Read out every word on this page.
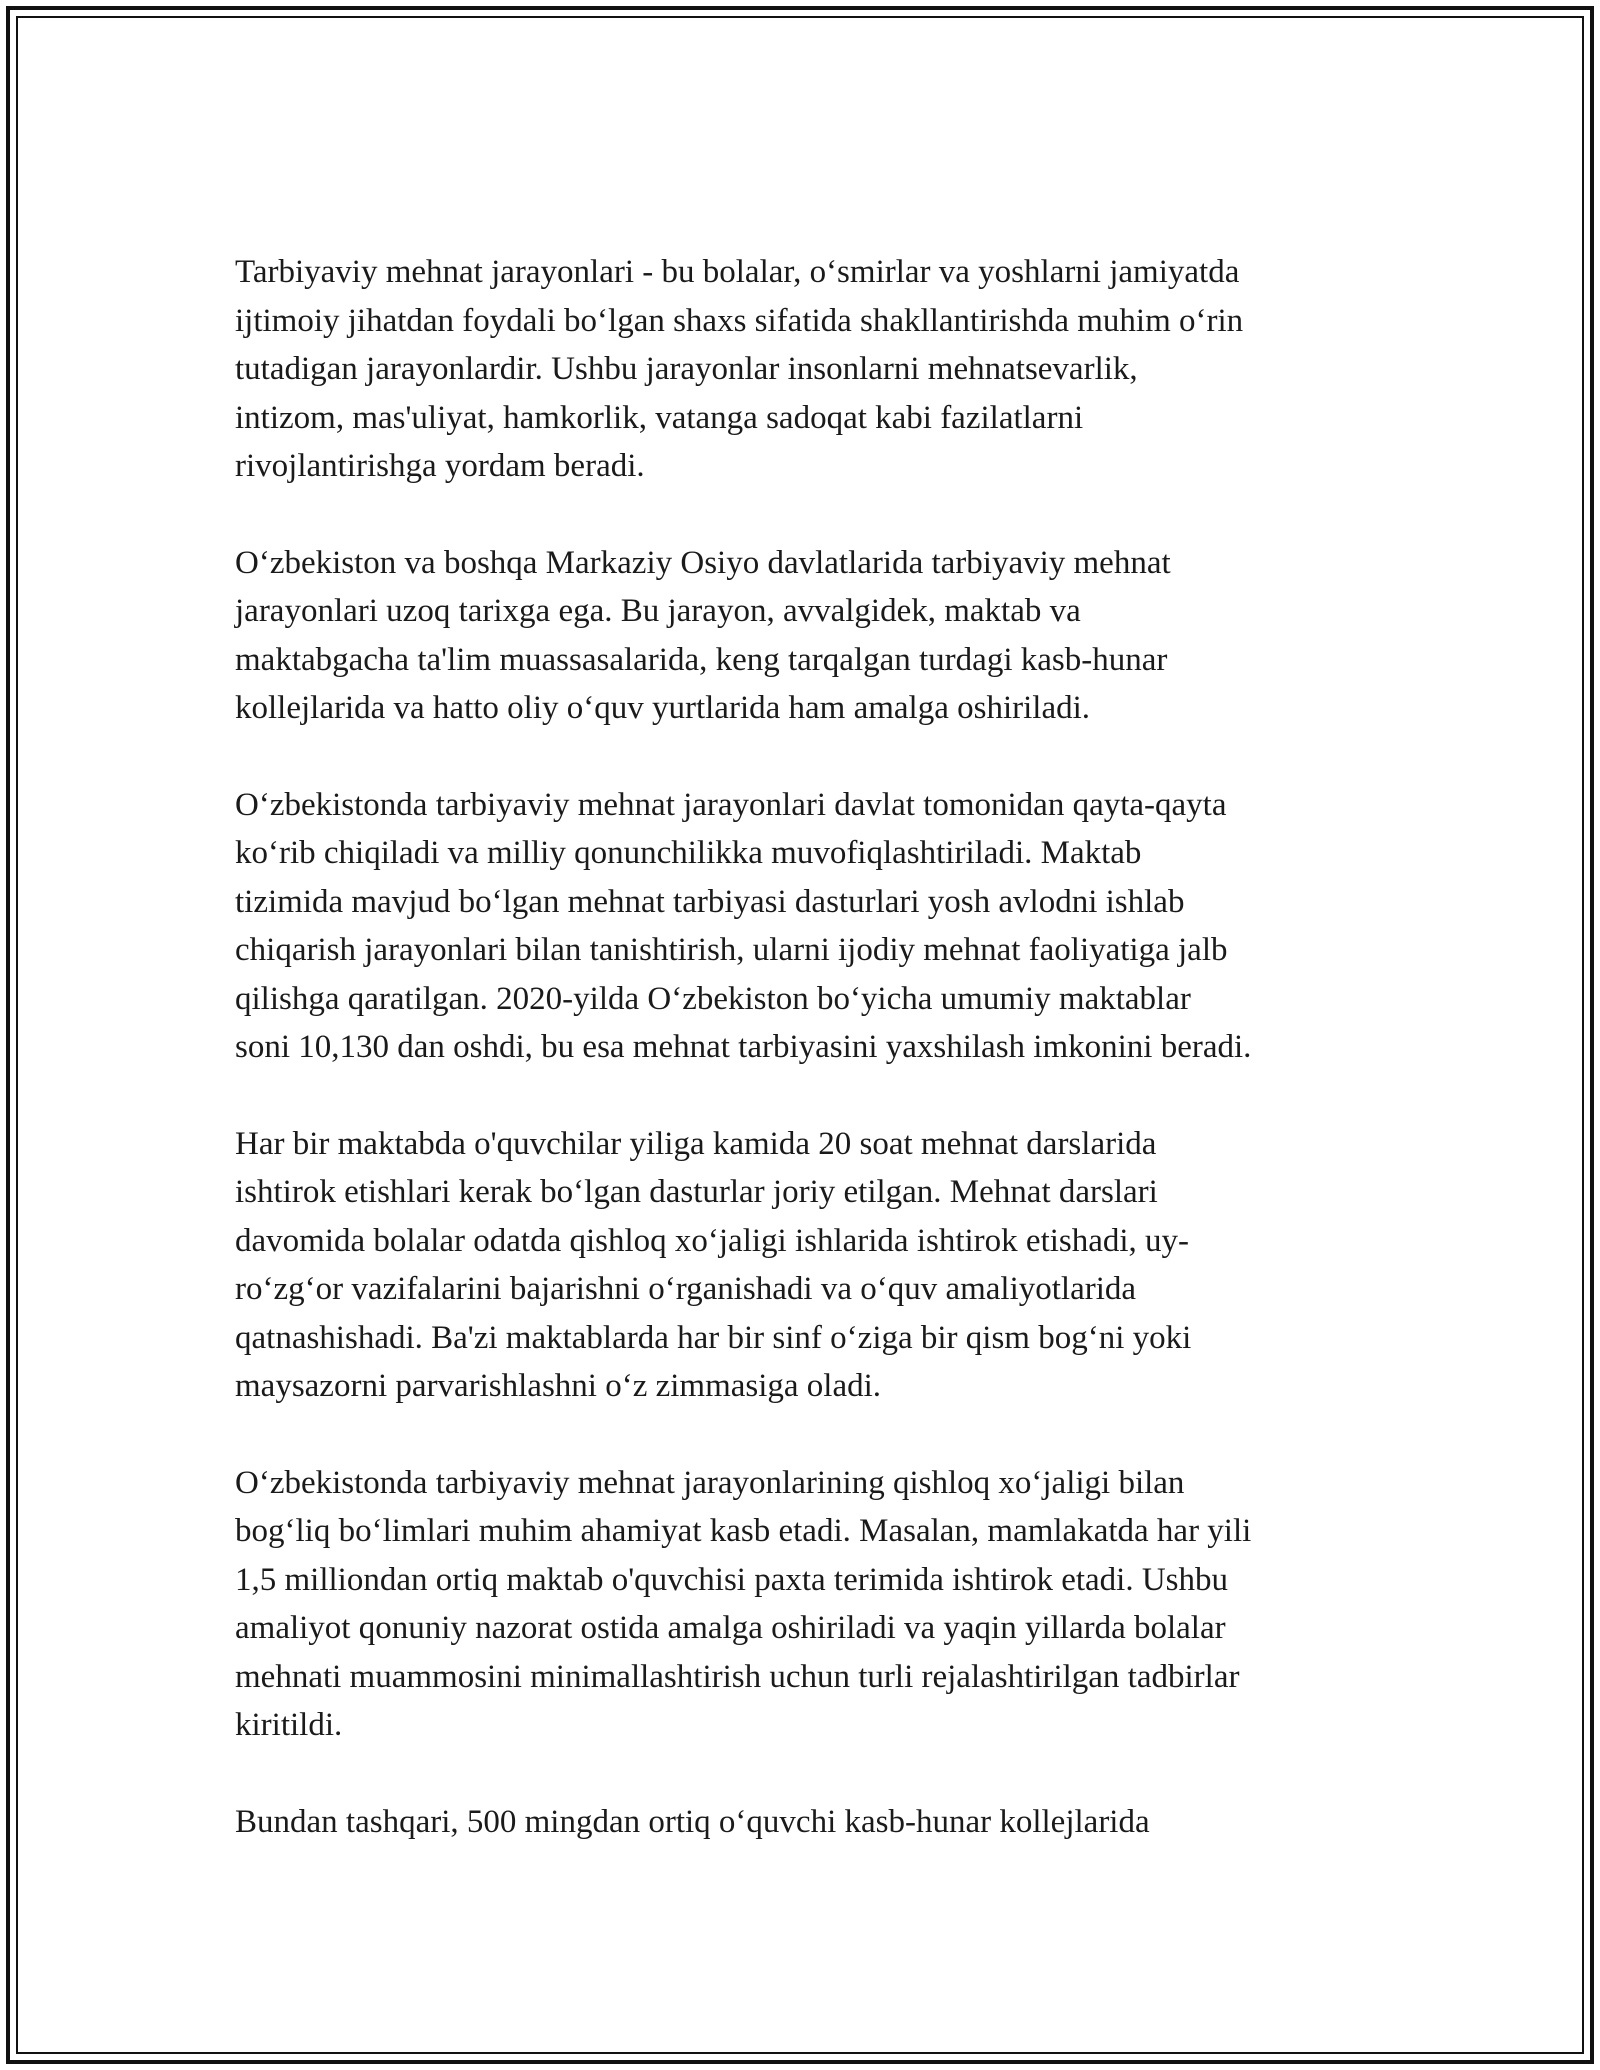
Tarbiyaviy mehnat jarayonlari - bu bolalar, o‘smirlar va yoshlarni jamiyatda
ijtimoiy jihatdan foydali bo‘lgan shaxs sifatida shakllantirishda muhim o‘rin
tutadigan jarayonlardir. Ushbu jarayonlar insonlarni mehnatsevarlik,
intizom, mas'uliyat, hamkorlik, vatanga sadoqat kabi fazilatlarni
rivojlantirishga yordam beradi.

O‘zbekiston va boshqa Markaziy Osiyo davlatlarida tarbiyaviy mehnat
jarayonlari uzoq tarixga ega. Bu jarayon, avvalgidek, maktab va
maktabgacha ta'lim muassasalarida, keng tarqalgan turdagi kasb-hunar
kollejlarida va hatto oliy o‘quv yurtlarida ham amalga oshiriladi.

O‘zbekistonda tarbiyaviy mehnat jarayonlari davlat tomonidan qayta-qayta
ko‘rib chiqiladi va milliy qonunchilikka muvofiqlashtiriladi. Maktab
tizimida mavjud bo‘lgan mehnat tarbiyasi dasturlari yosh avlodni ishlab
chiqarish jarayonlari bilan tanishtirish, ularni ijodiy mehnat faoliyatiga jalb
qilishga qaratilgan. 2020-yilda O‘zbekiston bo‘yicha umumiy maktablar
soni 10,130 dan oshdi, bu esa mehnat tarbiyasini yaxshilash imkonini beradi.

Har bir maktabda o'quvchilar yiliga kamida 20 soat mehnat darslarida
ishtirok etishlari kerak bo‘lgan dasturlar joriy etilgan. Mehnat darslari
davomida bolalar odatda qishloq xo‘jaligi ishlarida ishtirok etishadi, uy-
ro‘zg‘or vazifalarini bajarishni o‘rganishadi va o‘quv amaliyotlarida
qatnashishadi. Ba'zi maktablarda har bir sinf o‘ziga bir qism bog‘ni yoki
maysazorni parvarishlashni o‘z zimmasiga oladi.

O‘zbekistonda tarbiyaviy mehnat jarayonlarining qishloq xo‘jaligi bilan
bog‘liq bo‘limlari muhim ahamiyat kasb etadi. Masalan, mamlakatda har yili
1,5 milliondan ortiq maktab o'quvchisi paxta terimida ishtirok etadi. Ushbu
amaliyot qonuniy nazorat ostida amalga oshiriladi va yaqin yillarda bolalar
mehnati muammosini minimallashtirish uchun turli rejalashtirilgan tadbirlar
kiritildi.

Bundan tashqari, 500 mingdan ortiq o‘quvchi kasb-hunar kollejlarida
